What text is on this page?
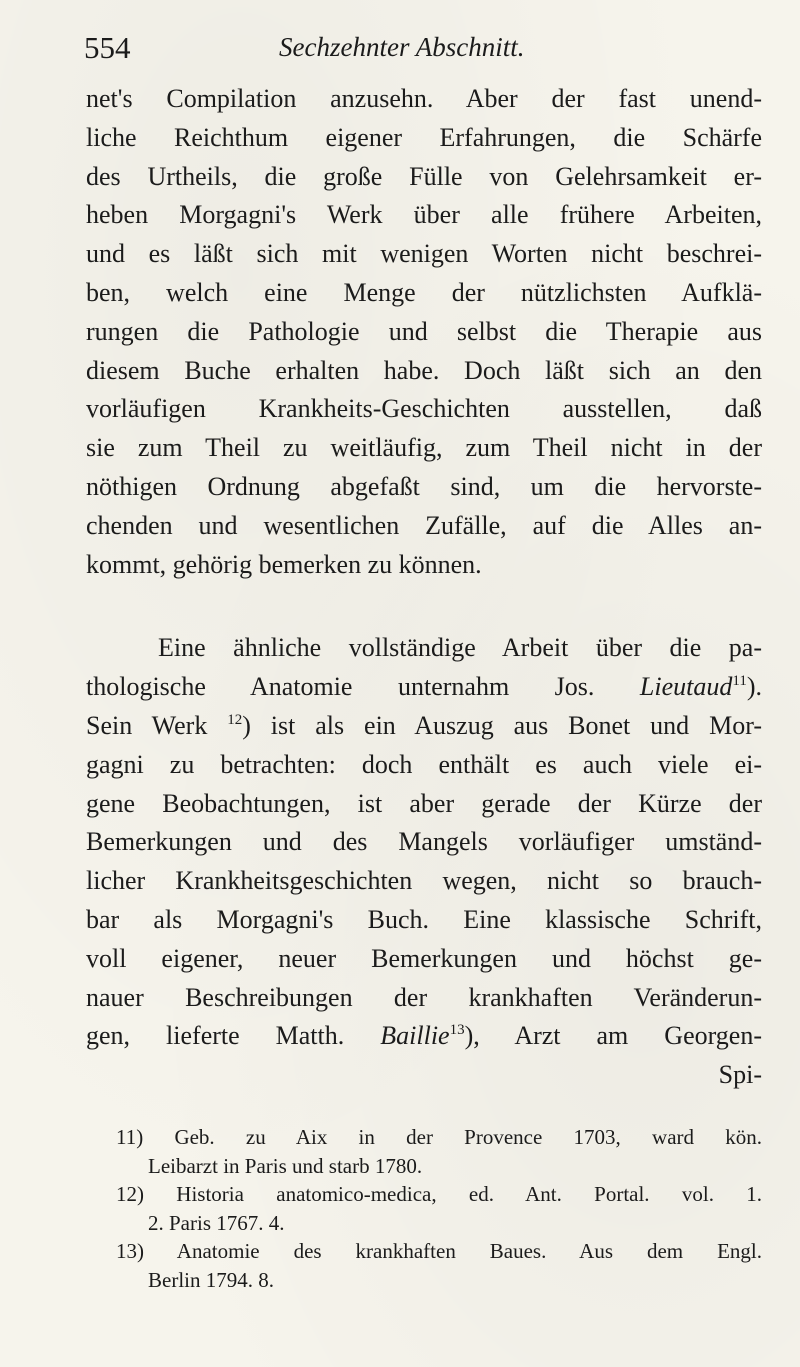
554	Sechzehnter Abschnitt.
net's Compilation anzusehn. Aber der fast unend-
liche Reichthum eigener Erfahrungen, die Schärfe
des Urtheils, die große Fülle von Gelehrsamkeit er-
heben Morgagni's Werk über alle frühere Arbeiten,
und es läßt sich mit wenigen Worten nicht beschrei-
ben, welch eine Menge der nützlichsten Aufklä-
rungen die Pathologie und selbst die Therapie aus
diesem Buche erhalten habe. Doch läßt sich an den
vorläufigen Krankheits-Geschichten ausstellen, daß
sie zum Theil zu weitläufig, zum Theil nicht in der
nöthigen Ordnung abgefaßt sind, um die hervorste-
chenden und wesentlichen Zufälle, auf die Alles an-
kommt, gehörig bemerken zu können.
Eine ähnliche vollständige Arbeit über die pa-
thologische Anatomie unternahm Jos. Lieutaud$^{11}$).
Sein Werk $^{12}$) ist als ein Auszug aus Bonet und Mor-
gagni zu betrachten: doch enthält es auch viele ei-
gene Beobachtungen, ist aber gerade der Kürze der
Bemerkungen und des Mangels vorläufiger umständ-
licher Krankheitsgeschichten wegen, nicht so brauch-
bar als Morgagni's Buch. Eine klassische Schrift,
voll eigener, neuer Bemerkungen und höchst ge-
nauer Beschreibungen der krankhaften Veränderun-
gen, lieferte Matth. Baillie$^{13}$), Arzt am Georgen-
Spi-
11) Geb. zu Aix in der Provence 1703, ward kön.
Leibarzt in Paris und starb 1780.
12) Historia anatomico-medica, ed. Ant. Portal. vol. 1.
2. Paris 1767. 4.
13) Anatomie des krankhaften Baues. Aus dem Engl.
Berlin 1794. 8.
